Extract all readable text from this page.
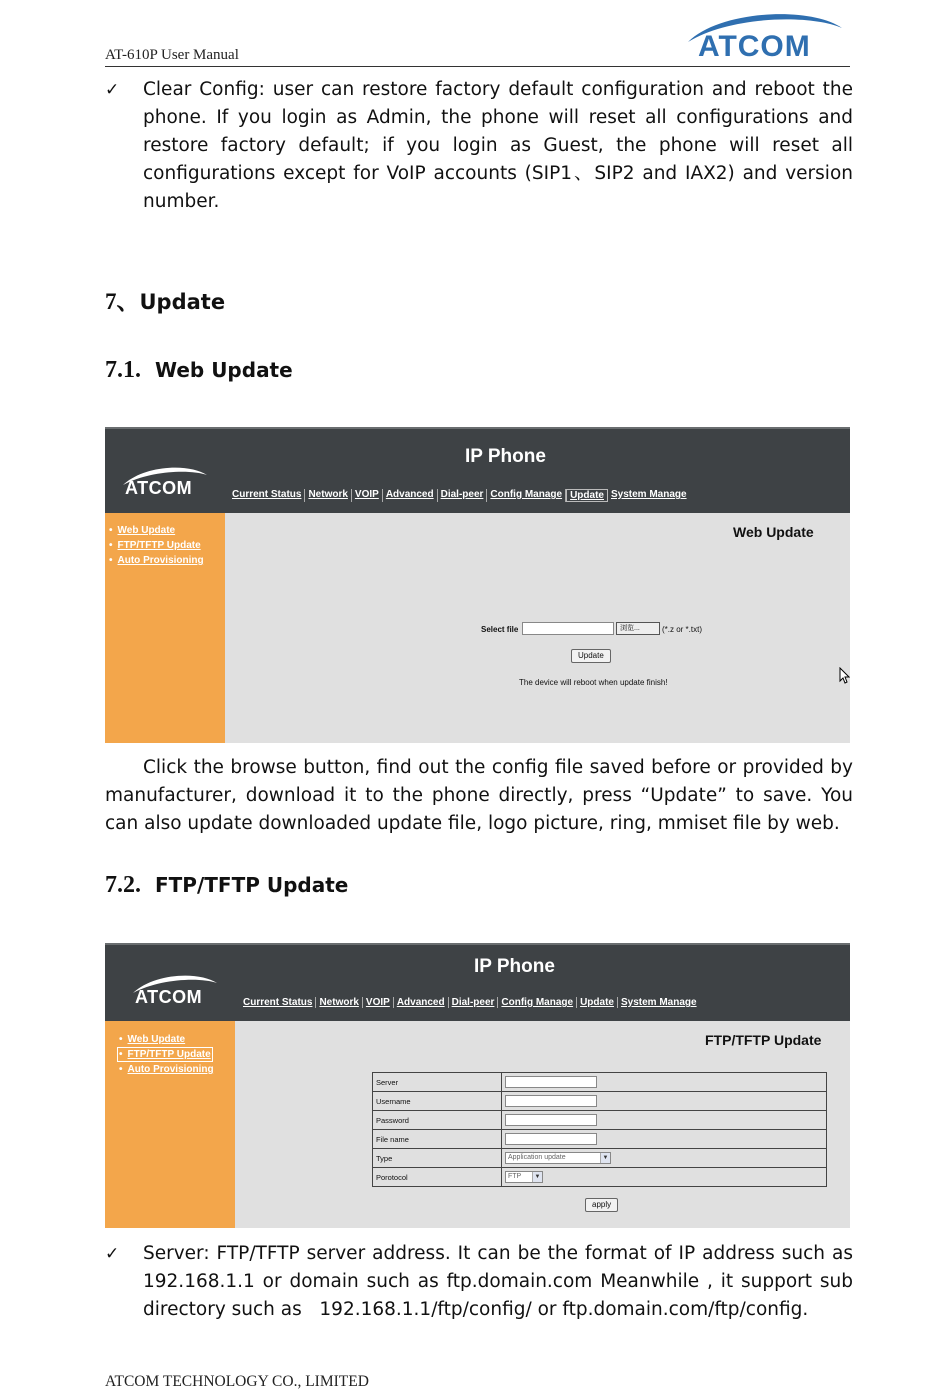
AT-610P User Manual	ATCOM
✓ Clear Config: user can restore factory default configuration and reboot the phone. If you login as Admin, the phone will reset all configurations and restore factory default; if you login as Guest, the phone will reset all configurations except for VoIP accounts (SIP1、SIP2 and IAX2) and version number.
7、Update
7.1. Web Update
ATCOM
IP Phone
Current Status Network VOIP Advanced Dial-peer Config Manage Update System Manage
• Web Update
• FTP/TFTP Update
• Auto Provisioning
Web Update
Select file	浏览...	(*.z or *.txt)
Update
The device will reboot when update finish!
Click the browse button, find out the config file saved before or provided by manufacturer, download it to the phone directly, press “Update” to save. You can also update downloaded update file, logo picture, ring, mmiset file by web.
7.2. FTP/TFTP Update
ATCOM
IP Phone
Current Status Network VOIP Advanced Dial-peer Config Manage Update System Manage
• Web Update
• FTP/TFTP Update
• Auto Provisioning
FTP/TFTP Update
Server	
Username	
Password	
File name	
Type	Application update ▼

Porotocol	FTP ▼
apply
✓ Server: FTP/TFTP server address. It can be the format of IP address such as 192.168.1.1 or domain such as ftp.domain.com Meanwhile , it support sub directory such as   192.168.1.1/ftp/config/ or ftp.domain.com/ftp/config.
ATCOM TECHNOLOGY CO., LIMITED
